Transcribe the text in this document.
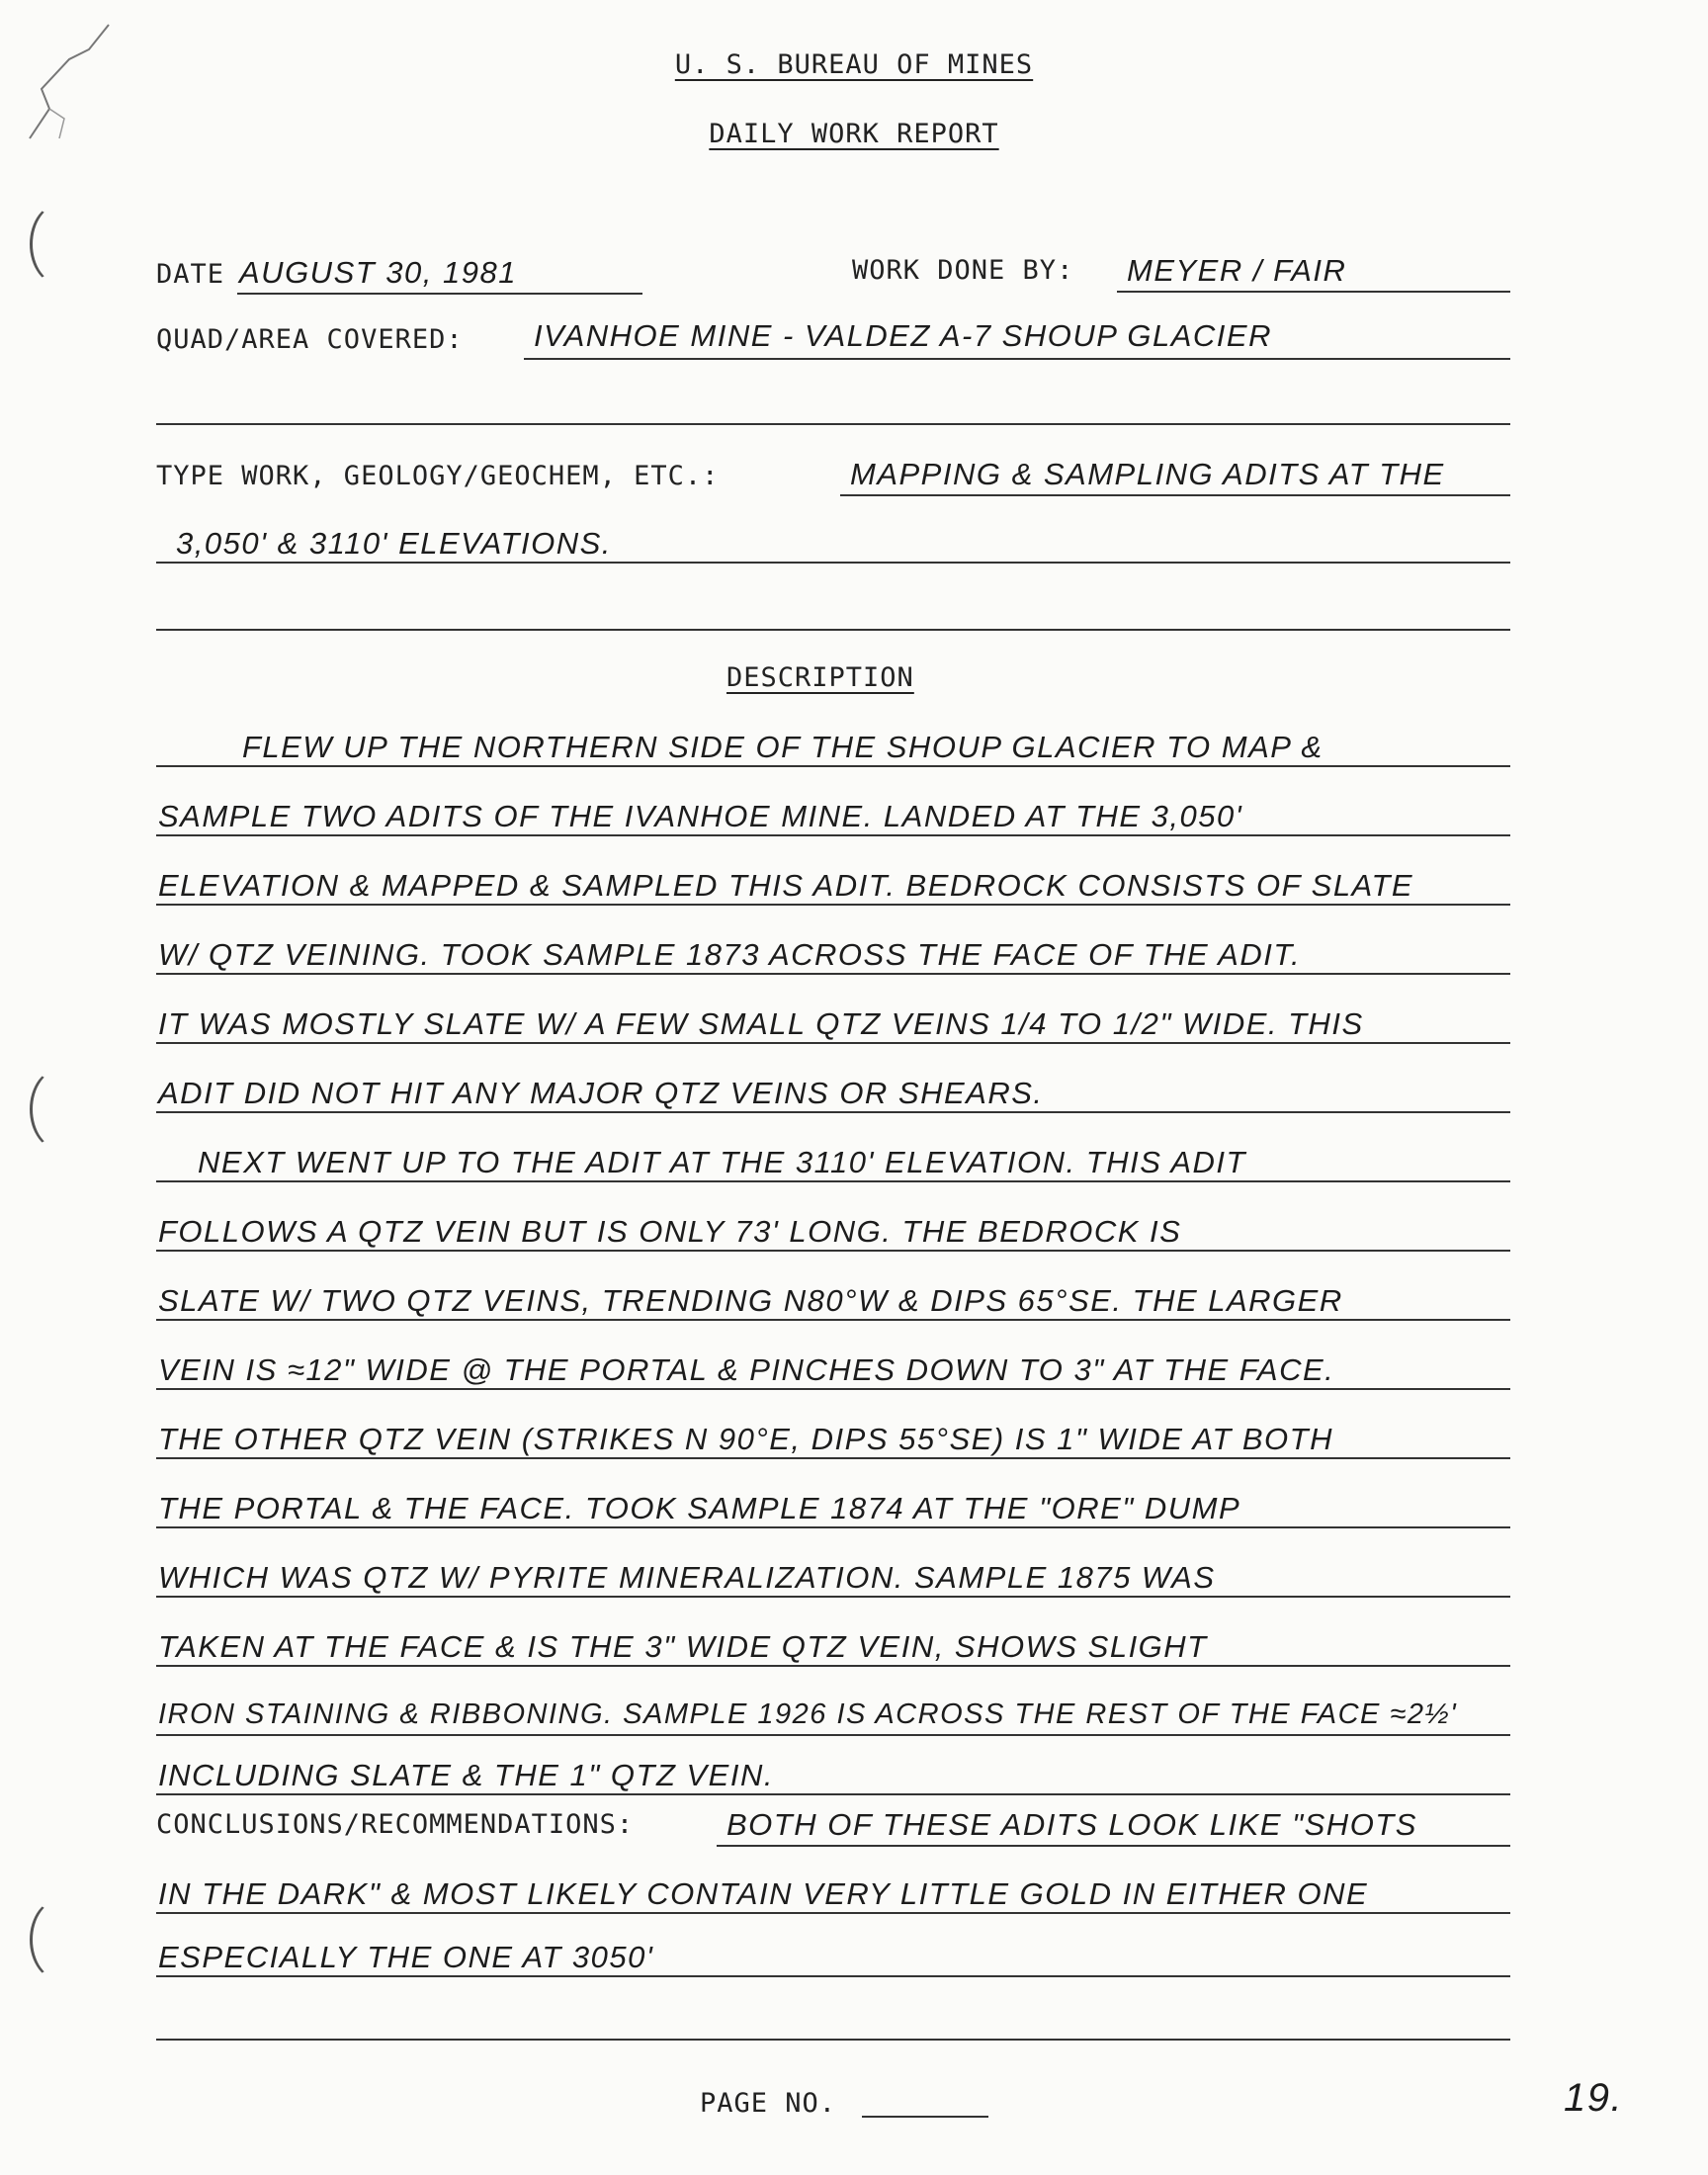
U. S. BUREAU OF MINES
DAILY WORK REPORT
DATE AUGUST 30, 1981	WORK DONE BY: MEYER / FAIR
QUAD/AREA COVERED: IVANHOE MINE - VALDEZ A-7 SHOUP GLACIER
TYPE WORK, GEOLOGY/GEOCHEM, ETC.:	MAPPING & SAMPLING ADITS AT THE
3,050' & 3110' ELEVATIONS.
DESCRIPTION
FLEW UP THE NORTHERN SIDE OF THE SHOUP GLACIER TO MAP &
SAMPLE TWO ADITS OF THE IVANHOE MINE. LANDED AT THE 3,050'
ELEVATION & MAPPED & SAMPLED THIS ADIT. BEDROCK CONSISTS OF SLATE
W/ QTZ VEINING. TOOK SAMPLE 1873 ACROSS THE FACE OF THE ADIT.
IT WAS MOSTLY SLATE W/ A FEW SMALL QTZ VEINS 1/4 TO 1/2" WIDE. THIS
ADIT DID NOT HIT ANY MAJOR QTZ VEINS OR SHEARS.
NEXT WENT UP TO THE ADIT AT THE 3110' ELEVATION. THIS ADIT
FOLLOWS A QTZ VEIN BUT IS ONLY 73' LONG. THE BEDROCK IS
SLATE W/ TWO QTZ VEINS, TRENDING N80°W & DIPS 65°SE. THE LARGER
VEIN IS ≈12" WIDE @ THE PORTAL & PINCHES DOWN TO 3" AT THE FACE.
THE OTHER QTZ VEIN (STRIKES N 90°E, DIPS 55°SE) IS 1" WIDE AT BOTH
THE PORTAL & THE FACE. TOOK SAMPLE 1874 AT THE "ORE" DUMP
WHICH WAS QTZ W/ PYRITE MINERALIZATION. SAMPLE 1875 WAS
TAKEN AT THE FACE & IS THE 3" WIDE QTZ VEIN, SHOWS SLIGHT
IRON STAINING & RIBBONING. SAMPLE 1926 IS ACROSS THE REST OF THE FACE ≈2½'
INCLUDING SLATE & THE 1" QTZ VEIN.
CONCLUSIONS/RECOMMENDATIONS:	BOTH OF THESE ADITS LOOK LIKE "SHOTS
IN THE DARK" & MOST LIKELY CONTAIN VERY LITTLE GOLD IN EITHER ONE
ESPECIALLY THE ONE AT 3050'
PAGE NO.	19.
